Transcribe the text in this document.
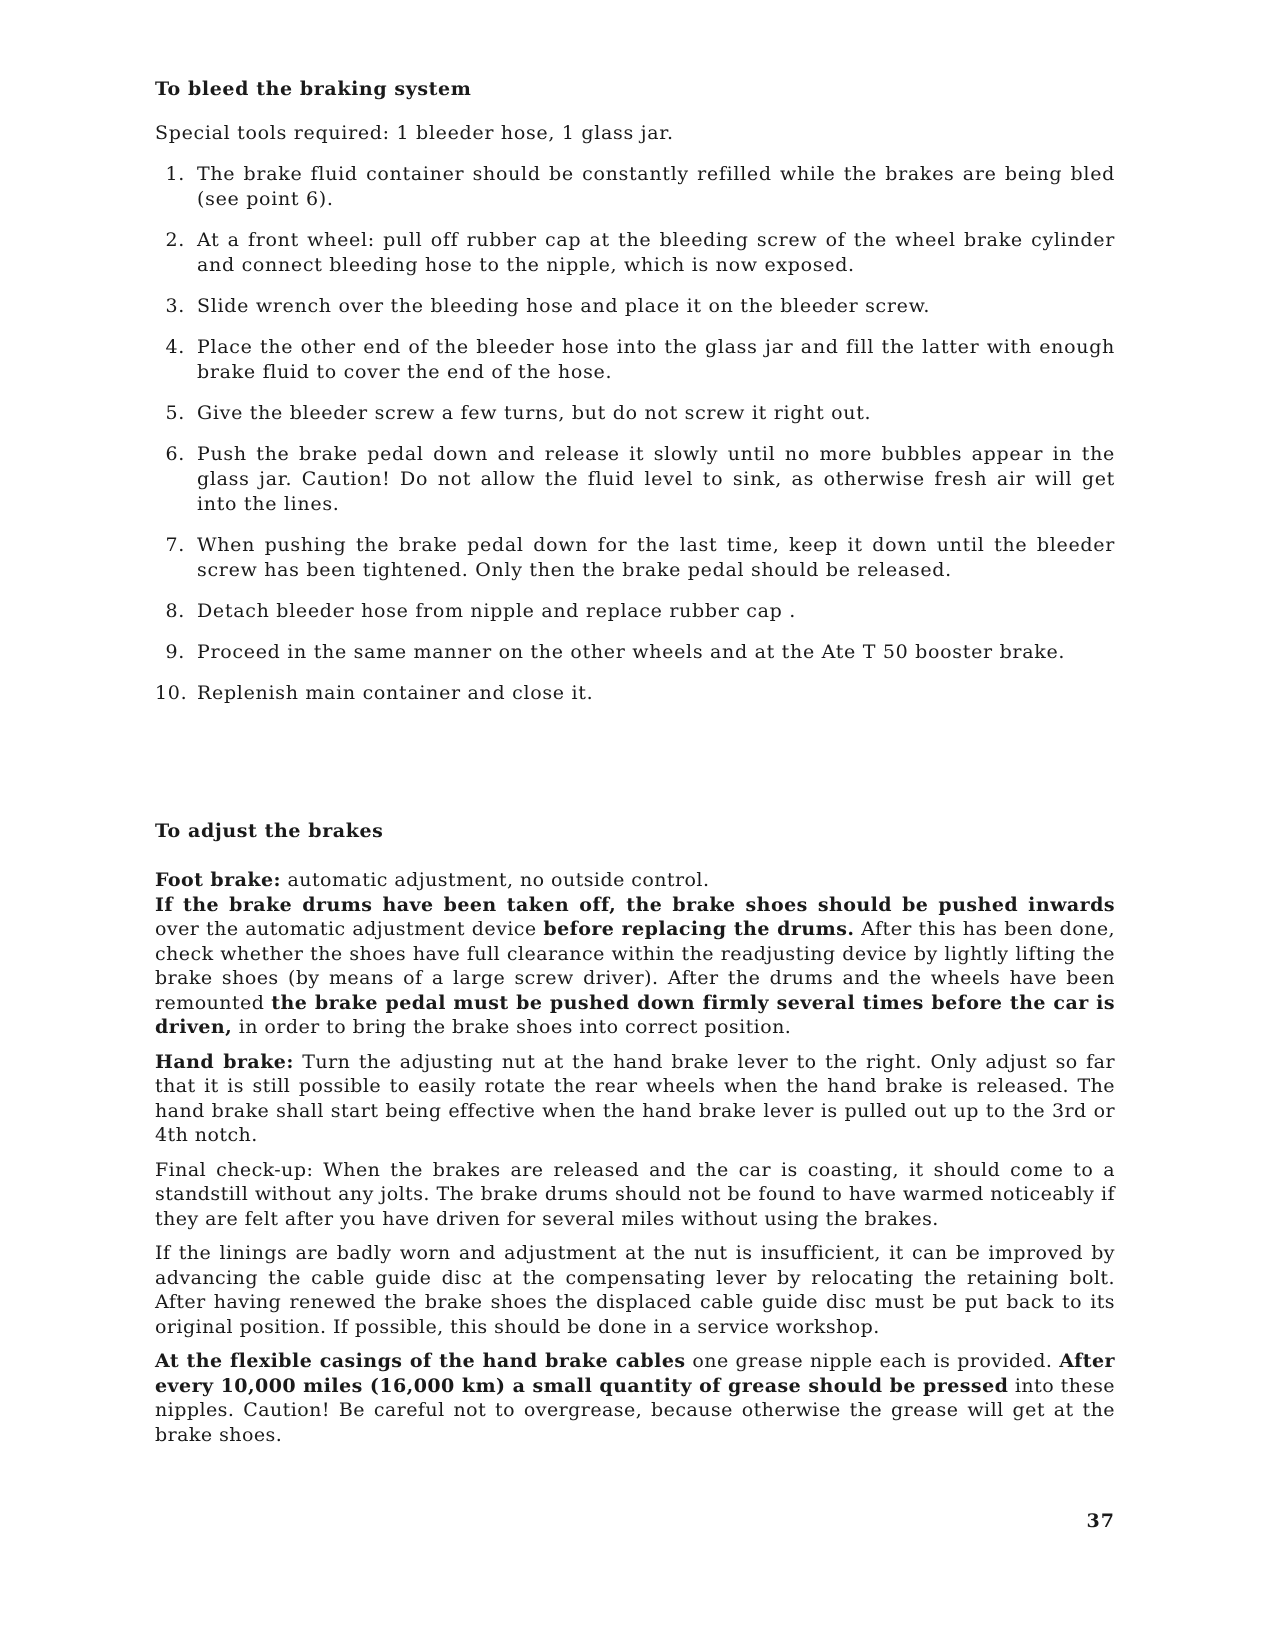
To bleed the braking system
Special tools required: 1 bleeder hose, 1 glass jar.
1. The brake fluid container should be constantly refilled while the brakes are being bled (see point 6).
2. At a front wheel: pull off rubber cap at the bleeding screw of the wheel brake cylinder and connect bleeding hose to the nipple, which is now exposed.
3. Slide wrench over the bleeding hose and place it on the bleeder screw.
4. Place the other end of the bleeder hose into the glass jar and fill the latter with enough brake fluid to cover the end of the hose.
5. Give the bleeder screw a few turns, but do not screw it right out.
6. Push the brake pedal down and release it slowly until no more bubbles appear in the glass jar. Caution! Do not allow the fluid level to sink, as otherwise fresh air will get into the lines.
7. When pushing the brake pedal down for the last time, keep it down until the bleeder screw has been tightened. Only then the brake pedal should be released.
8. Detach bleeder hose from nipple and replace rubber cap .
9. Proceed in the same manner on the other wheels and at the Ate T 50 booster brake.
10. Replenish main container and close it.
To adjust the brakes

Foot brake: automatic adjustment, no outside control.
If the brake drums have been taken off, the brake shoes should be pushed inwards over the automatic adjustment device before replacing the drums. After this has been done, check whether the shoes have full clearance within the readjusting device by lightly lifting the brake shoes (by means of a large screw driver). After the drums and the wheels have been remounted the brake pedal must be pushed down firmly several times before the car is driven, in order to bring the brake shoes into correct position.

Hand brake: Turn the adjusting nut at the hand brake lever to the right. Only adjust so far that it is still possible to easily rotate the rear wheels when the hand brake is released. The hand brake shall start being effective when the hand brake lever is pulled out up to the 3rd or 4th notch.

Final check-up: When the brakes are released and the car is coasting, it should come to a standstill without any jolts. The brake drums should not be found to have warmed noticeably if they are felt after you have driven for several miles without using the brakes.

If the linings are badly worn and adjustment at the nut is insufficient, it can be improved by advancing the cable guide disc at the compensating lever by relocating the retaining bolt. After having renewed the brake shoes the displaced cable guide disc must be put back to its original position. If possible, this should be done in a service workshop.

At the flexible casings of the hand brake cables one grease nipple each is provided. After every 10,000 miles (16,000 km) a small quantity of grease should be pressed into these nipples. Caution! Be careful not to overgrease, because otherwise the grease will get at the brake shoes.

37
